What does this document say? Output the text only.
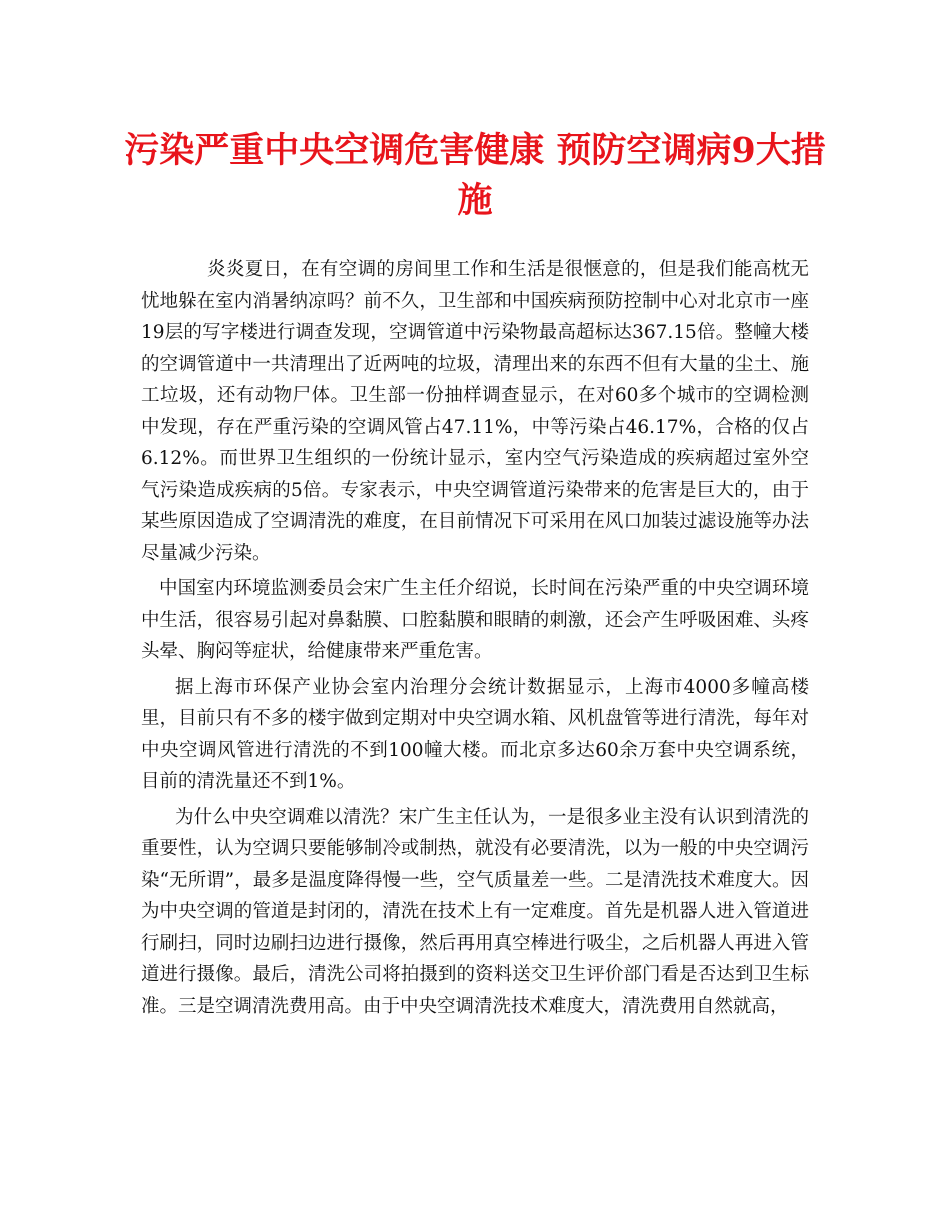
污染严重中央空调危害健康 预防空调病9大措施

炎炎夏日，在有空调的房间里工作和生活是很惬意的，但是我们能高枕无忧地躲在室内消暑纳凉吗？前不久，卫生部和中国疾病预防控制中心对北京市一座19层的写字楼进行调查发现，空调管道中污染物最高超标达367.15倍。整幢大楼的空调管道中一共清理出了近两吨的垃圾，清理出来的东西不但有大量的尘土、施工垃圾，还有动物尸体。卫生部一份抽样调查显示，在对60多个城市的空调检测中发现，存在严重污染的空调风管占47.11%，中等污染占46.17%，合格的仅占6.12%。而世界卫生组织的一份统计显示，室内空气污染造成的疾病超过室外空气污染造成疾病的5倍。专家表示，中央空调管道污染带来的危害是巨大的，由于某些原因造成了空调清洗的难度，在目前情况下可采用在风口加装过滤设施等办法尽量减少污染。

中国室内环境监测委员会宋广生主任介绍说，长时间在污染严重的中央空调环境中生活，很容易引起对鼻黏膜、口腔黏膜和眼睛的刺激，还会产生呼吸困难、头疼头晕、胸闷等症状，给健康带来严重危害。

据上海市环保产业协会室内治理分会统计数据显示，上海市4000多幢高楼里，目前只有不多的楼宇做到定期对中央空调水箱、风机盘管等进行清洗，每年对中央空调风管进行清洗的不到100幢大楼。而北京多达60余万套中央空调系统，目前的清洗量还不到1%。

为什么中央空调难以清洗？宋广生主任认为，一是很多业主没有认识到清洗的重要性，认为空调只要能够制冷或制热，就没有必要清洗，以为一般的中央空调污染“无所谓”，最多是温度降得慢一些，空气质量差一些。二是清洗技术难度大。因为中央空调的管道是封闭的，清洗在技术上有一定难度。首先是机器人进入管道进行刷扫，同时边刷扫边进行摄像，然后再用真空棒进行吸尘，之后机器人再进入管道进行摄像。最后，清洗公司将拍摄到的资料送交卫生评价部门看是否达到卫生标准。三是空调清洗费用高。由于中央空调清洗技术难度大，清洗费用自然就高，
